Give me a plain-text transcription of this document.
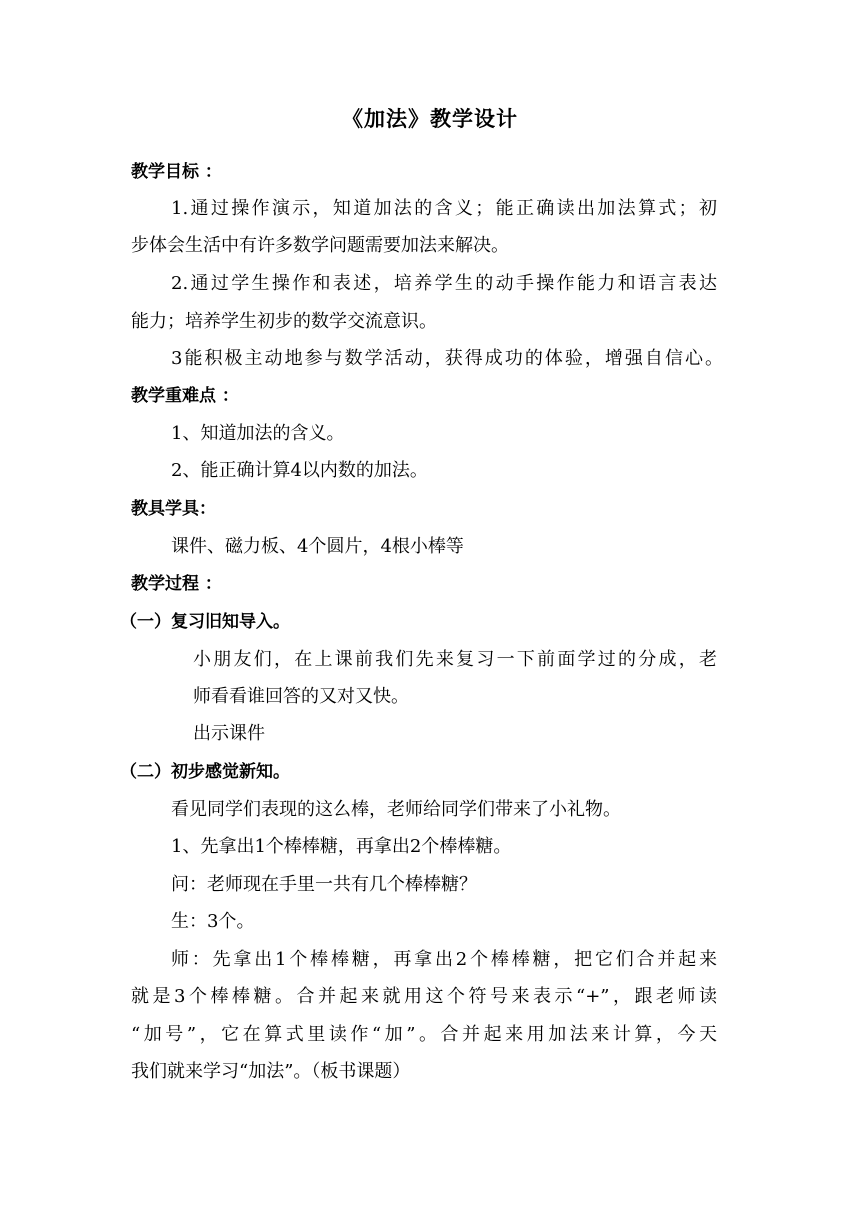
《加法》教学设计
教学目标 ：
1.通过操作演示，知道加法的含义；能正确读出加法算式；初
步体会生活中有许多数学问题需要加法来解决。
2.通过学生操作和表述，培养学生的动手操作能力和语言表达
能力；培养学生初步的数学交流意识。
3能积极主动地参与数学活动，获得成功的体验，增强自信心。
教学重难点 ：
1、知道加法的含义。
2、能正确计算4以内数的加法。
教具学具：
课件、磁力板、4个圆片，4根小棒等
教学过程 ：
（一）复习旧知导入。
小朋友们，在上课前我们先来复习一下前面学过的分成，老
师看看谁回答的又对又快。
出示课件
（二）初步感觉新知。
看见同学们表现的这么棒，老师给同学们带来了小礼物。
1、先拿出1个棒棒糖，再拿出2个棒棒糖。
问：老师现在手里一共有几个棒棒糖？
生：3个。
师：先拿出1个棒棒糖，再拿出2个棒棒糖，把它们合并起来
就是3个棒棒糖。合并起来就用这个符号来表示“+”，跟老师读
“加号”，它在算式里读作“加”。合并起来用加法来计算，今天
我们就来学习“加法”。（板书课题）
